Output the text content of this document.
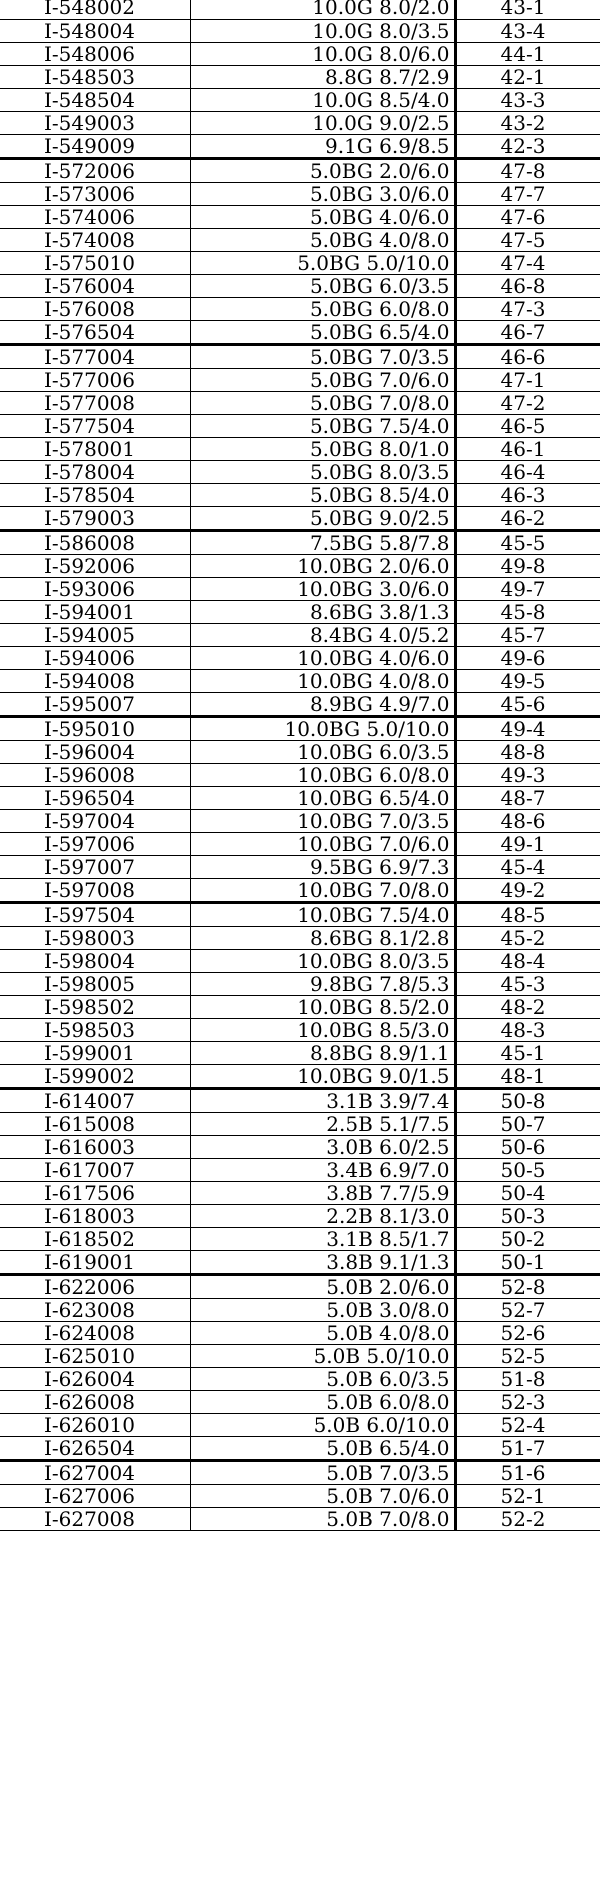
I-548002	10.0G 8.0/2.0	43-1
I-548004	10.0G 8.0/3.5	43-4
I-548006	10.0G 8.0/6.0	44-1
I-548503	8.8G 8.7/2.9	42-1
I-548504	10.0G 8.5/4.0	43-3
I-549003	10.0G 9.0/2.5	43-2
I-549009	9.1G 6.9/8.5	42-3
I-572006	5.0BG 2.0/6.0	47-8
I-573006	5.0BG 3.0/6.0	47-7
I-574006	5.0BG 4.0/6.0	47-6
I-574008	5.0BG 4.0/8.0	47-5
I-575010	5.0BG 5.0/10.0	47-4
I-576004	5.0BG 6.0/3.5	46-8
I-576008	5.0BG 6.0/8.0	47-3
I-576504	5.0BG 6.5/4.0	46-7
I-577004	5.0BG 7.0/3.5	46-6
I-577006	5.0BG 7.0/6.0	47-1
I-577008	5.0BG 7.0/8.0	47-2
I-577504	5.0BG 7.5/4.0	46-5
I-578001	5.0BG 8.0/1.0	46-1
I-578004	5.0BG 8.0/3.5	46-4
I-578504	5.0BG 8.5/4.0	46-3
I-579003	5.0BG 9.0/2.5	46-2
I-586008	7.5BG 5.8/7.8	45-5
I-592006	10.0BG 2.0/6.0	49-8
I-593006	10.0BG 3.0/6.0	49-7
I-594001	8.6BG 3.8/1.3	45-8
I-594005	8.4BG 4.0/5.2	45-7
I-594006	10.0BG 4.0/6.0	49-6
I-594008	10.0BG 4.0/8.0	49-5
I-595007	8.9BG 4.9/7.0	45-6
I-595010	10.0BG 5.0/10.0	49-4
I-596004	10.0BG 6.0/3.5	48-8
I-596008	10.0BG 6.0/8.0	49-3
I-596504	10.0BG 6.5/4.0	48-7
I-597004	10.0BG 7.0/3.5	48-6
I-597006	10.0BG 7.0/6.0	49-1
I-597007	9.5BG 6.9/7.3	45-4
I-597008	10.0BG 7.0/8.0	49-2
I-597504	10.0BG 7.5/4.0	48-5
I-598003	8.6BG 8.1/2.8	45-2
I-598004	10.0BG 8.0/3.5	48-4
I-598005	9.8BG 7.8/5.3	45-3
I-598502	10.0BG 8.5/2.0	48-2
I-598503	10.0BG 8.5/3.0	48-3
I-599001	8.8BG 8.9/1.1	45-1
I-599002	10.0BG 9.0/1.5	48-1
I-614007	3.1B 3.9/7.4	50-8
I-615008	2.5B 5.1/7.5	50-7
I-616003	3.0B 6.0/2.5	50-6
I-617007	3.4B 6.9/7.0	50-5
I-617506	3.8B 7.7/5.9	50-4
I-618003	2.2B 8.1/3.0	50-3
I-618502	3.1B 8.5/1.7	50-2
I-619001	3.8B 9.1/1.3	50-1
I-622006	5.0B 2.0/6.0	52-8
I-623008	5.0B 3.0/8.0	52-7
I-624008	5.0B 4.0/8.0	52-6
I-625010	5.0B 5.0/10.0	52-5
I-626004	5.0B 6.0/3.5	51-8
I-626008	5.0B 6.0/8.0	52-3
I-626010	5.0B 6.0/10.0	52-4
I-626504	5.0B 6.5/4.0	51-7
I-627004	5.0B 7.0/3.5	51-6
I-627006	5.0B 7.0/6.0	52-1
I-627008	5.0B 7.0/8.0	52-2
